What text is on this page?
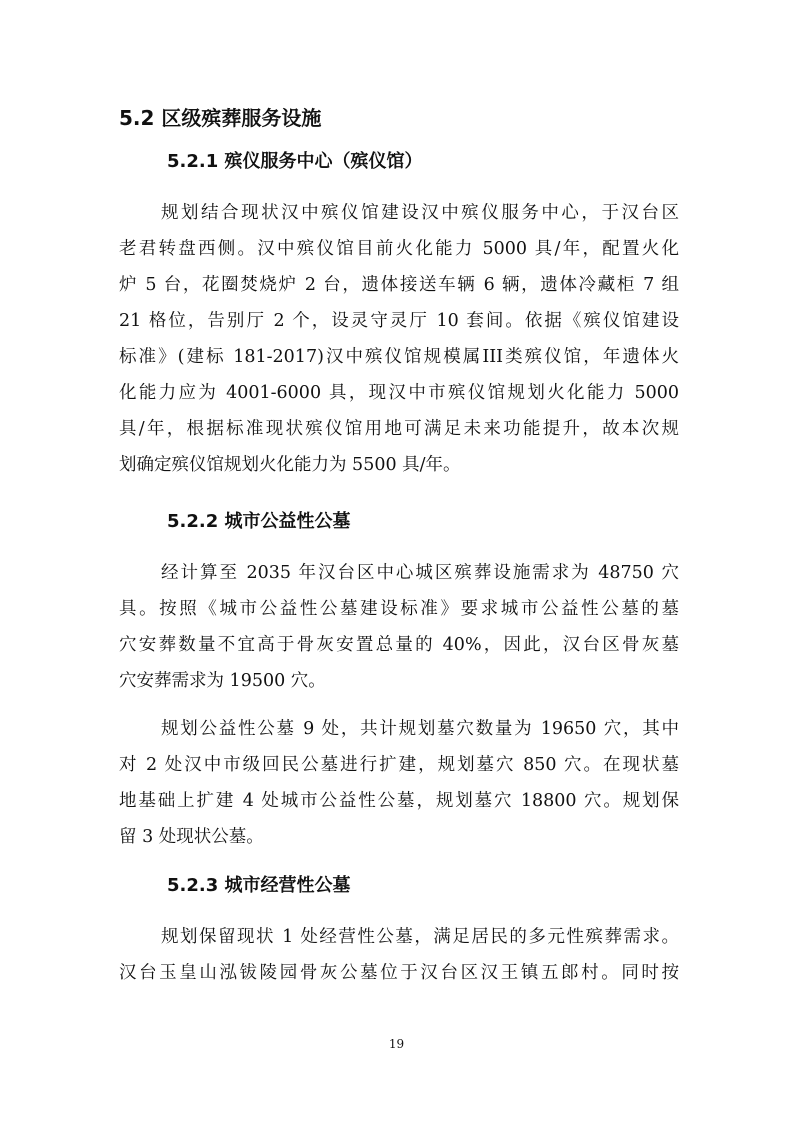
5.2 区级殡葬服务设施
5.2.1 殡仪服务中心（殡仪馆）
规划结合现状汉中殡仪馆建设汉中殡仪服务中心，于汉台区
老君转盘西侧。汉中殡仪馆目前火化能力 5000 具/年，配置火化
炉 5 台，花圈焚烧炉 2 台，遗体接送车辆 6 辆，遗体冷藏柜 7 组
21 格位，告别厅 2 个，设灵守灵厅 10 套间。依据《殡仪馆建设
标准》(建标 181-2017)汉中殡仪馆规模属III类殡仪馆，年遗体火
化能力应为 4001-6000 具，现汉中市殡仪馆规划火化能力 5000
具/年，根据标准现状殡仪馆用地可满足未来功能提升，故本次规
划确定殡仪馆规划火化能力为 5500 具/年。
5.2.2 城市公益性公墓
经计算至 2035 年汉台区中心城区殡葬设施需求为 48750 穴
具。按照《城市公益性公墓建设标准》要求城市公益性公墓的墓
穴安葬数量不宜高于骨灰安置总量的 40%，因此，汉台区骨灰墓
穴安葬需求为 19500 穴。
规划公益性公墓 9 处，共计规划墓穴数量为 19650 穴，其中
对 2 处汉中市级回民公墓进行扩建，规划墓穴 850 穴。在现状墓
地基础上扩建 4 处城市公益性公墓，规划墓穴 18800 穴。规划保
留 3 处现状公墓。
5.2.3 城市经营性公墓
规划保留现状 1 处经营性公墓，满足居民的多元性殡葬需求。
汉台玉皇山泓钹陵园骨灰公墓位于汉台区汉王镇五郎村。同时按
19
